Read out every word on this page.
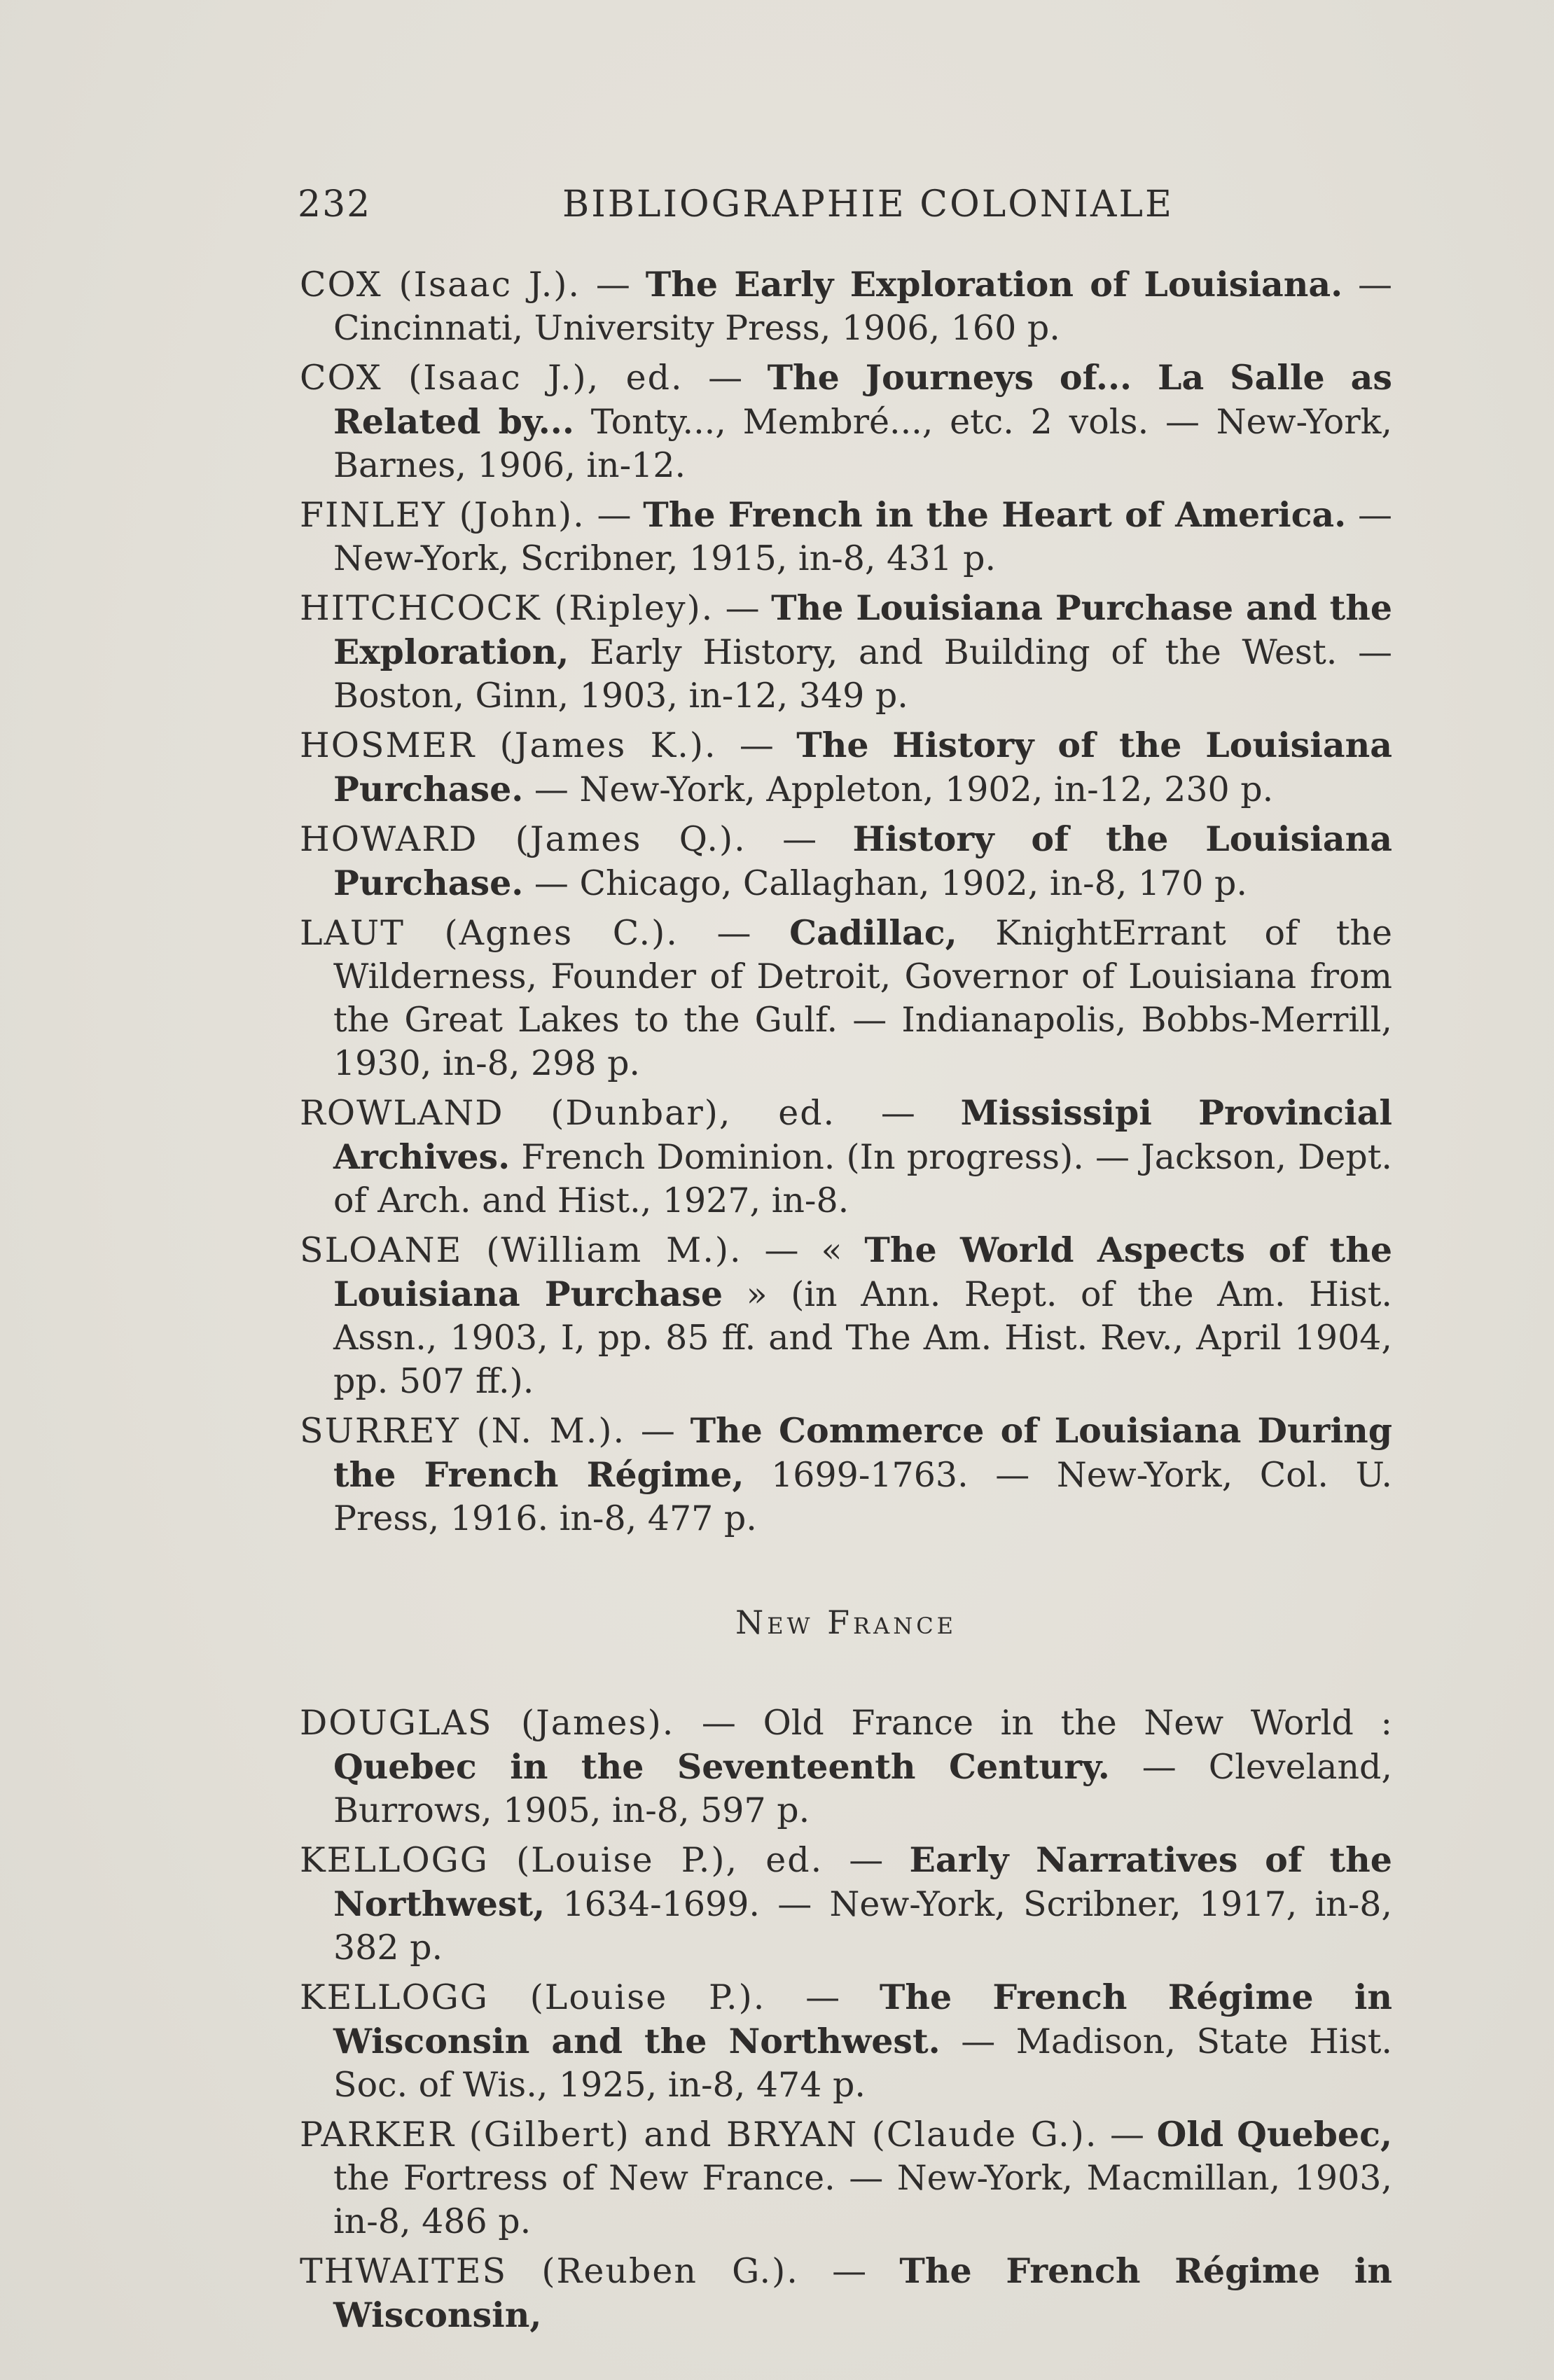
232	BIBLIOGRAPHIE COLONIALE
COX (Isaac J.). — The Early Exploration of Louisiana. — Cincinnati, University Press, 1906, 160 p.
COX (Isaac J.), ed. — The Journeys of... La Salle as Related by... Tonty..., Membré..., etc. 2 vols. — New-York, Barnes, 1906, in-12.
FINLEY (John). — The French in the Heart of America. — New-York, Scribner, 1915, in-8, 431 p.
HITCHCOCK (Ripley). — The Louisiana Purchase and the Exploration, Early History, and Building of the West. — Boston, Ginn, 1903, in-12, 349 p.
HOSMER (James K.). — The History of the Louisiana Purchase. — New-York, Appleton, 1902, in-12, 230 p.
HOWARD (James Q.). — History of the Louisiana Purchase. — Chicago, Callaghan, 1902, in-8, 170 p.
LAUT (Agnes C.). — Cadillac, KnightErrant of the Wilderness, Founder of Detroit, Governor of Louisiana from the Great Lakes to the Gulf. — Indianapolis, Bobbs-Merrill, 1930, in-8, 298 p.
ROWLAND (Dunbar), ed. — Mississipi Provincial Archives. French Dominion. (In progress). — Jackson, Dept. of Arch. and Hist., 1927, in-8.
SLOANE (William M.). — « The World Aspects of the Louisiana Purchase » (in Ann. Rept. of the Am. Hist. Assn., 1903, I, pp. 85 ff. and The Am. Hist. Rev., April 1904, pp. 507 ff.).
SURREY (N. M.). — The Commerce of Louisiana During the French Régime, 1699-1763. — New-York, Col. U. Press, 1916. in-8, 477 p.
New France
DOUGLAS (James). — Old France in the New World : Quebec in the Seventeenth Century. — Cleveland, Burrows, 1905, in-8, 597 p.
KELLOGG (Louise P.), ed. — Early Narratives of the Northwest, 1634-1699. — New-York, Scribner, 1917, in-8, 382 p.
KELLOGG (Louise P.). — The French Régime in Wisconsin and the Northwest. — Madison, State Hist. Soc. of Wis., 1925, in-8, 474 p.
PARKER (Gilbert) and BRYAN (Claude G.). — Old Quebec, the Fortress of New France. — New-York, Macmillan, 1903, in-8, 486 p.
THWAITES (Reuben G.). — The French Régime in Wisconsin,
